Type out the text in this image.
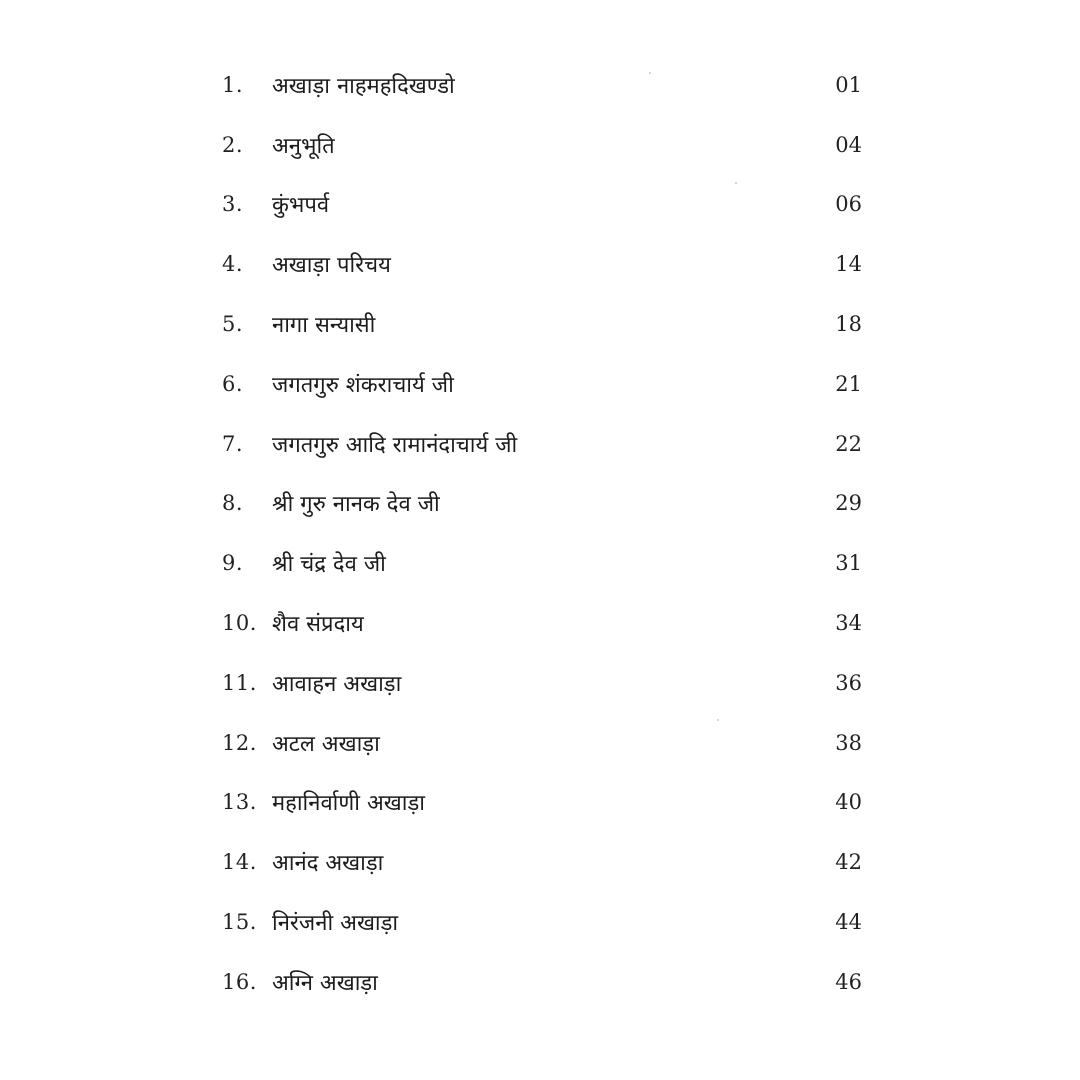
1.	अखाड़ा नाहमहदिखण्डो	01
2.	अनुभूति	04
3.	कुंभपर्व	06
4.	अखाड़ा परिचय	14
5.	नागा सन्यासी	18
6.	जगतगुरु शंकराचार्य जी	21
7.	जगतगुरु आदि रामानंदाचार्य जी	22
8.	श्री गुरु नानक देव जी	29
9.	श्री चंद्र देव जी	31
10. शैव संप्रदाय	34
11. आवाहन अखाड़ा	36
12. अटल अखाड़ा	38
13. महानिर्वाणी अखाड़ा	40
14. आनंद अखाड़ा	42
15. निरंजनी अखाड़ा	44
16. अग्नि अखाड़ा	46
